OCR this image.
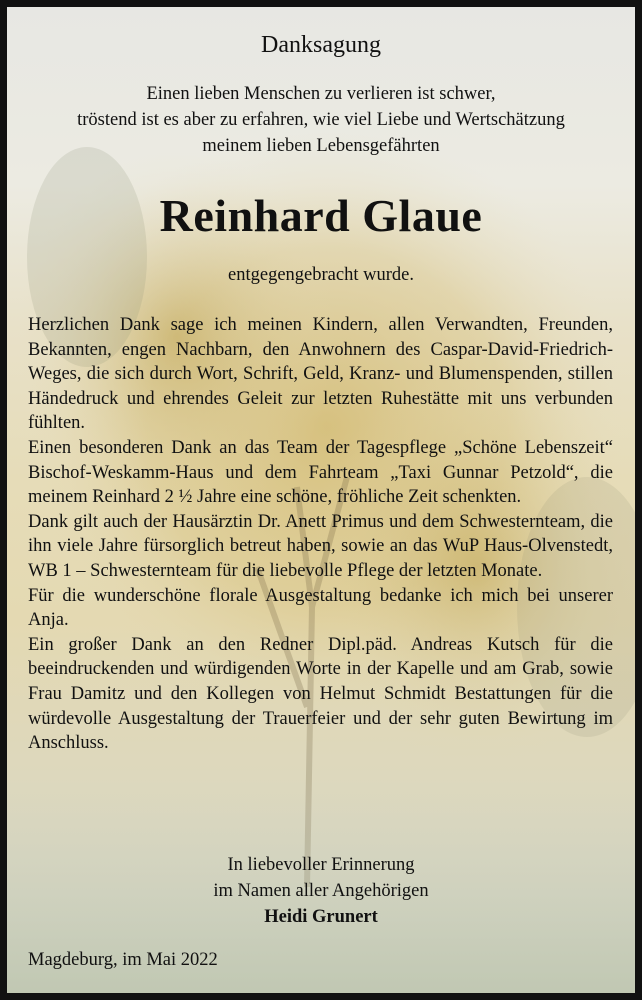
Danksagung
Einen lieben Menschen zu verlieren ist schwer,
tröstend ist es aber zu erfahren, wie viel Liebe und Wertschätzung
meinem lieben Lebensgefährten
Reinhard Glaue
entgegengebracht wurde.

Herzlichen Dank sage ich meinen Kindern, allen Verwandten, Freunden, Bekannten, engen Nachbarn, den Anwohnern des Caspar-David-Friedrich-Weges, die sich durch Wort, Schrift, Geld, Kranz- und Blumenspenden, stillen Händedruck und ehrendes Geleit zur letzten Ruhestätte mit uns verbunden fühlten.

Einen besonderen Dank an das Team der Tagespflege „Schöne Lebenszeit“ Bischof-Weskamm-Haus und dem Fahrteam „Taxi Gunnar Petzold“, die meinem Reinhard 2 ½ Jahre eine schöne, fröhliche Zeit schenkten.

Dank gilt auch der Hausärztin Dr. Anett Primus und dem Schwesternteam, die ihn viele Jahre fürsorglich betreut haben, sowie an das WuP Haus-Olvenstedt, WB 1 – Schwesternteam für die liebevolle Pflege der letzten Monate.

Für die wunderschöne florale Ausgestaltung bedanke ich mich bei unserer Anja.

Ein großer Dank an den Redner Dipl.päd. Andreas Kutsch für die beeindruckenden und würdigenden Worte in der Kapelle und am Grab, sowie Frau Damitz und den Kollegen von Helmut Schmidt Bestattungen für die würdevolle Ausgestaltung der Trauerfeier und der sehr guten Bewirtung im Anschluss.

In liebevoller Erinnerung
im Namen aller Angehörigen
Heidi Grunert
Magdeburg, im Mai 2022
